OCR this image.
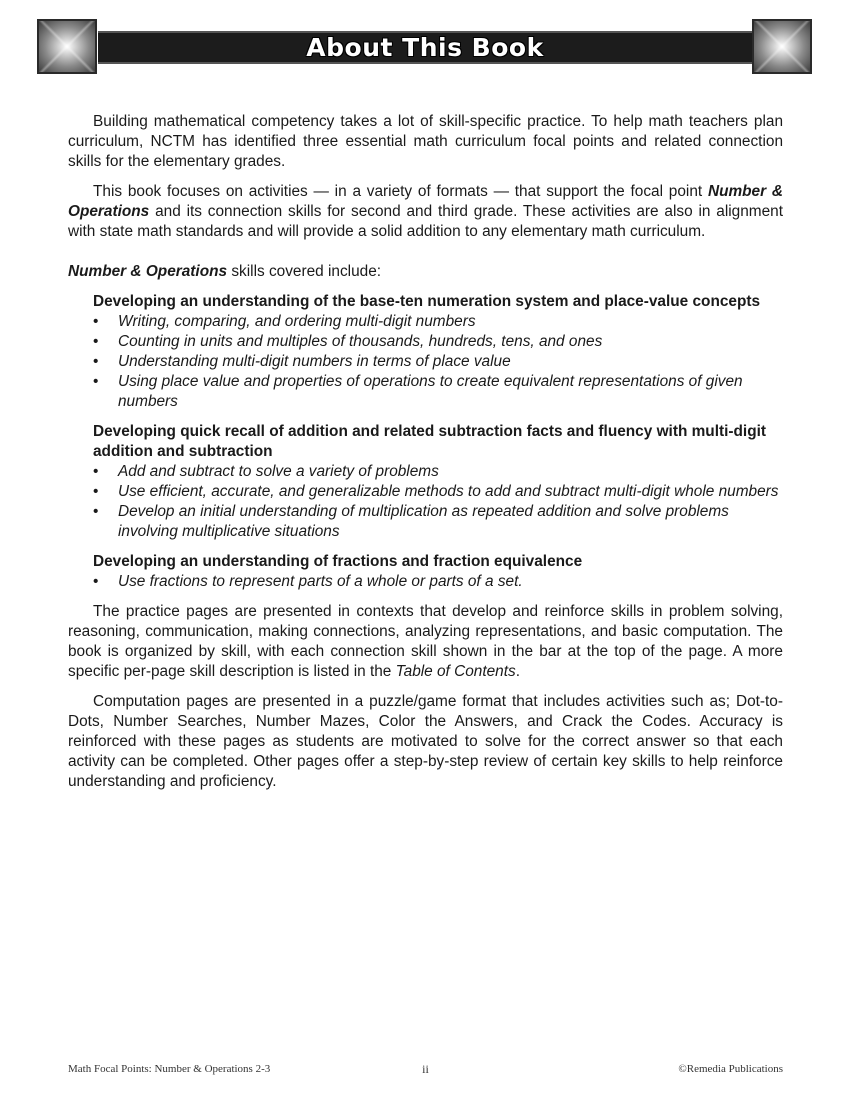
About This Book

Building mathematical competency takes a lot of skill-specific practice. To help math teachers plan curriculum, NCTM has identified three essential math curriculum focal points and related connection skills for the elementary grades.

This book focuses on activities — in a variety of formats — that support the focal point Number & Operations and its connection skills for second and third grade. These activities are also in alignment with state math standards and will provide a solid addition to any elementary math curriculum.

Number & Operations skills covered include:

Developing an understanding of the base-ten numeration system and place-value concepts
• Writing, comparing, and ordering multi-digit numbers
• Counting in units and multiples of thousands, hundreds, tens, and ones
• Understanding multi-digit numbers in terms of place value
• Using place value and properties of operations to create equivalent representations of given numbers
Developing quick recall of addition and related subtraction facts and fluency with multi-digit addition and subtraction
• Add and subtract to solve a variety of problems
• Use efficient, accurate, and generalizable methods to add and subtract multi-digit whole numbers
• Develop an initial understanding of multiplication as repeated addition and solve problems involving multiplicative situations
Developing an understanding of fractions and fraction equivalence
• Use fractions to represent parts of a whole or parts of a set.

The practice pages are presented in contexts that develop and reinforce skills in problem solving, reasoning, communication, making connections, analyzing representations, and basic computation. The book is organized by skill, with each connection skill shown in the bar at the top of the page. A more specific per-page skill description is listed in the Table of Contents.

Computation pages are presented in a puzzle/game format that includes activities such as; Dot-to-Dots, Number Searches, Number Mazes, Color the Answers, and Crack the Codes. Accuracy is reinforced with these pages as students are motivated to solve for the correct answer so that each activity can be completed. Other pages offer a step-by-step review of certain key skills to help reinforce understanding and proficiency.

Math Focal Points: Number & Operations 2-3	ii	©Remedia Publications
